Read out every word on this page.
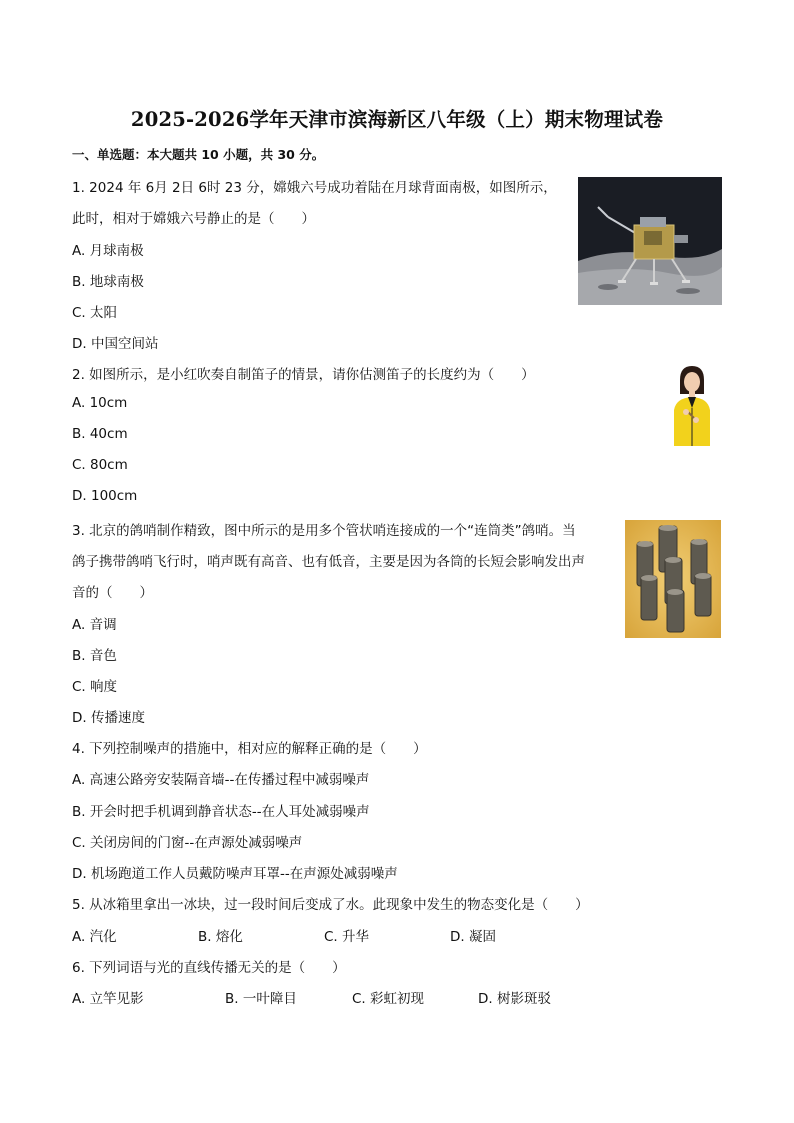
2025-2026学年天津市滨海新区八年级（上）期末物理试卷
一、单选题：本大题共 10 小题，共 30 分。
1. 2024 年 6月 2日 6时 23 分，嫦娥六号成功着陆在月球背面南极，如图所示，
此时，相对于嫦娥六号静止的是（　　）
A. 月球南极
B. 地球南极
C. 太阳
D. 中国空间站
2. 如图所示，是小红吹奏自制笛子的情景，请你估测笛子的长度约为（　　）
A. 10cm
B. 40cm
C. 80cm
D. 100cm
3. 北京的鸽哨制作精致，图中所示的是用多个管状哨连接成的一个“连筒类”鸽哨。当
鸽子携带鸽哨飞行时，哨声既有高音、也有低音，主要是因为各筒的长短会影响发出声
音的（　　）
A. 音调
B. 音色
C. 响度
D. 传播速度
4. 下列控制噪声的措施中，相对应的解释正确的是（　　）
A. 高速公路旁安装隔音墙--在传播过程中减弱噪声
B. 开会时把手机调到静音状态--在人耳处减弱噪声
C. 关闭房间的门窗--在声源处减弱噪声
D. 机场跑道工作人员戴防噪声耳罩--在声源处减弱噪声
5. 从冰箱里拿出一冰块，过一段时间后变成了水。此现象中发生的物态变化是（　　）
A. 汽化	B. 熔化	C. 升华	D. 凝固
6. 下列词语与光的直线传播无关的是（　　）
A. 立竿见影	B. 一叶障目	C. 彩虹初现	D. 树影斑驳
